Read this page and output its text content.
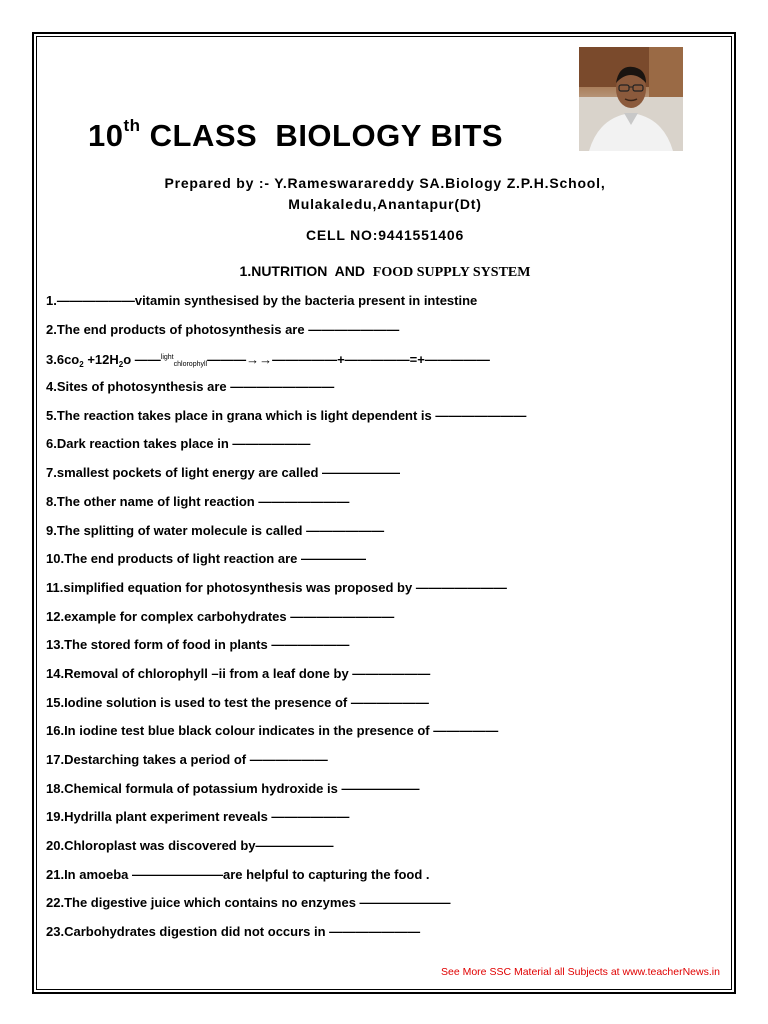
10th CLASS  BIOLOGY BITS
Prepared by :- Y.Rameswarareddy SA.Biology Z.P.H.School,
Mulakaledu,Anantapur(Dt)
CELL NO:9441551406
1.NUTRITION  AND  FOOD SUPPLY SYSTEM
1.——————vitamin synthesised by the bacteria present in intestine
2.The end products of photosynthesis are ———————
$3.6co_2 +12H_2o$ ——$^{light}$chlorophyll———→→—————+—————=+—————
4.Sites of photosynthesis are ————————
5.The reaction takes place in grana which is light dependent is ———————
6.Dark reaction takes place in ——————
7.smallest pockets of light energy are called ——————
8.The other name of light reaction ———————
9.The splitting of water molecule is called ——————
10.The end products of light reaction are —————
11.simplified equation for photosynthesis was proposed by ———————
12.example for complex carbohydrates ————————
13.The stored form of food in plants ——————
14.Removal of chlorophyll –ii from a leaf done by ——————
15.Iodine solution is used to test the presence of ——————
16.In iodine test blue black colour indicates in the presence of —————
17.Destarching takes a period of ——————
18.Chemical formula of potassium hydroxide is ——————
19.Hydrilla plant experiment reveals ——————
20.Chloroplast was discovered by——————
21.In amoeba ———————are helpful to capturing the food .
22.The digestive juice which contains no enzymes ———————
23.Carbohydrates digestion did not occurs in ———————
See More SSC Material all Subjects at www.teacherNews.in
